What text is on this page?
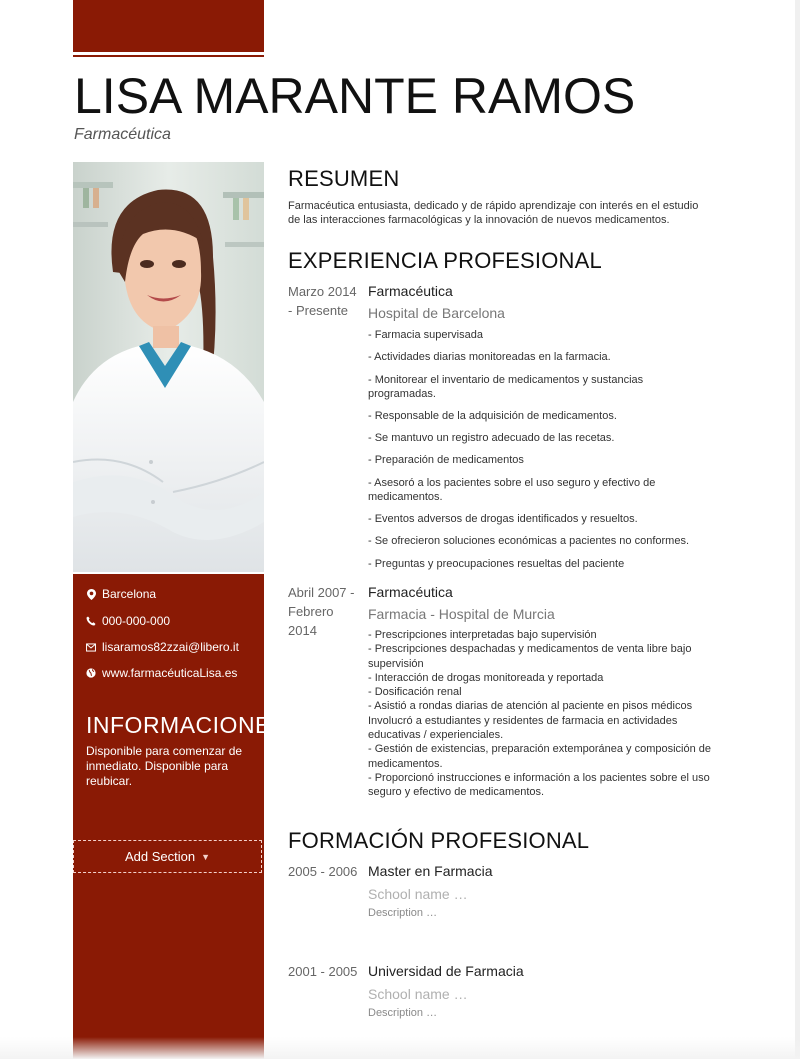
LISA MARANTE RAMOS
Farmacéutica
Barcelona
000-000-000
lisaramos82zzai@libero.it
www.farmacéuticaLisa.es
INFORMACIONES
Disponible para comenzar de inmediato. Disponible para reubicar.
Add Section ▼
RESUMEN
Farmacéutica entusiasta, dedicado y de rápido aprendizaje con interés en el estudio de las interacciones farmacológicas y la innovación de nuevos medicamentos.
EXPERIENCIA PROFESIONAL
Marzo 2014 - Presente
Farmacéutica
Hospital de Barcelona
- Farmacia supervisada
- Actividades diarias monitoreadas en la farmacia.
- Monitorear el inventario de medicamentos y sustancias programadas.
- Responsable de la adquisición de medicamentos.
- Se mantuvo un registro adecuado de las recetas.
- Preparación de medicamentos
- Asesoró a los pacientes sobre el uso seguro y efectivo de medicamentos.
- Eventos adversos de drogas identificados y resueltos.
- Se ofrecieron soluciones económicas a pacientes no conformes.
- Preguntas y preocupaciones resueltas del paciente
Abril 2007 - Febrero 2014
Farmacéutica
Farmacia - Hospital de Murcia
- Prescripciones interpretadas bajo supervisión
- Prescripciones despachadas y medicamentos de venta libre bajo supervisión
- Interacción de drogas monitoreada y reportada
- Dosificación renal
- Asistió a rondas diarias de atención al paciente en pisos médicos Involucró a estudiantes y residentes de farmacia en actividades educativas / experienciales.
- Gestión de existencias, preparación extemporánea y composición de medicamentos.
- Proporcionó instrucciones e información a los pacientes sobre el uso seguro y efectivo de medicamentos.
FORMACIÓN PROFESIONAL
2005 - 2006 Master en Farmacia
School name …
Description …
2001 - 2005 Universidad de Farmacia
School name …
Description …
